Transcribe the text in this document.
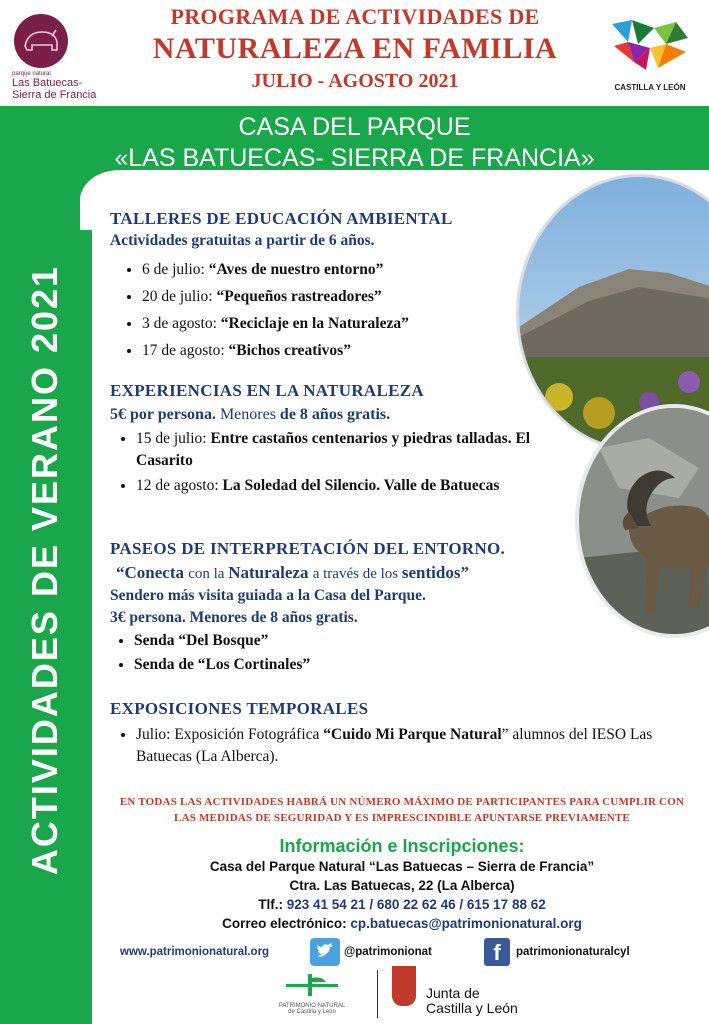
parque natural
Las Batuecas-
Sierra de Francia
PROGRAMA DE ACTIVIDADES DE
NATURALEZA EN FAMILIA
JULIO - AGOSTO 2021	CASTILLA Y LEÓN
CASA DEL PARQUE
«LAS BATUECAS- SIERRA DE FRANCIA»
ACTIVIDADES DE VERANO 2021
TALLERES DE EDUCACIÓN AMBIENTAL
Actividades gratuitas a partir de 6 años.
• 6 de julio: “Aves de nuestro entorno”
• 20 de julio: “Pequeños rastreadores”
• 3 de agosto: “Reciclaje en la Naturaleza”
• 17 de agosto: “Bichos creativos”
EXPERIENCIAS EN LA NATURALEZA
5€ por persona. Menores de 8 años gratis.
• 15 de julio: Entre castaños centenarios y piedras talladas. El Casarito
• 12 de agosto: La Soledad del Silencio. Valle de Batuecas
PASEOS DE INTERPRETACIÓN DEL ENTORNO.
“Conecta con la Naturaleza a través de los sentidos”
Sendero más visita guiada a la Casa del Parque.
3€ persona. Menores de 8 años gratis.
• Senda “Del Bosque”
• Senda de “Los Cortinales”
EXPOSICIONES TEMPORALES
• Julio: Exposición Fotográfica “Cuido Mi Parque Natural” alumnos del IESO Las Batuecas (La Alberca).
EN TODAS LAS ACTIVIDADES HABRÁ UN NÚMERO MÁXIMO DE PARTICIPANTES PARA CUMPLIR CON
LAS MEDIDAS DE SEGURIDAD Y ES IMPRESCINDIBLE APUNTARSE PREVIAMENTE
Información e Inscripciones:
Casa del Parque Natural “Las Batuecas – Sierra de Francia”
Ctra. Las Batuecas, 22 (La Alberca)
Tlf.: 923 41 54 21 / 680 22 62 46 / 615 17 88 62
Correo electrónico: cp.batuecas@patrimonionatural.org
www.patrimonionatural.org	@patrimonionat	f	patrimonionaturalcyl
PATRIMONIO NATURAL
de Castilla y León
Junta de
Castilla y León
